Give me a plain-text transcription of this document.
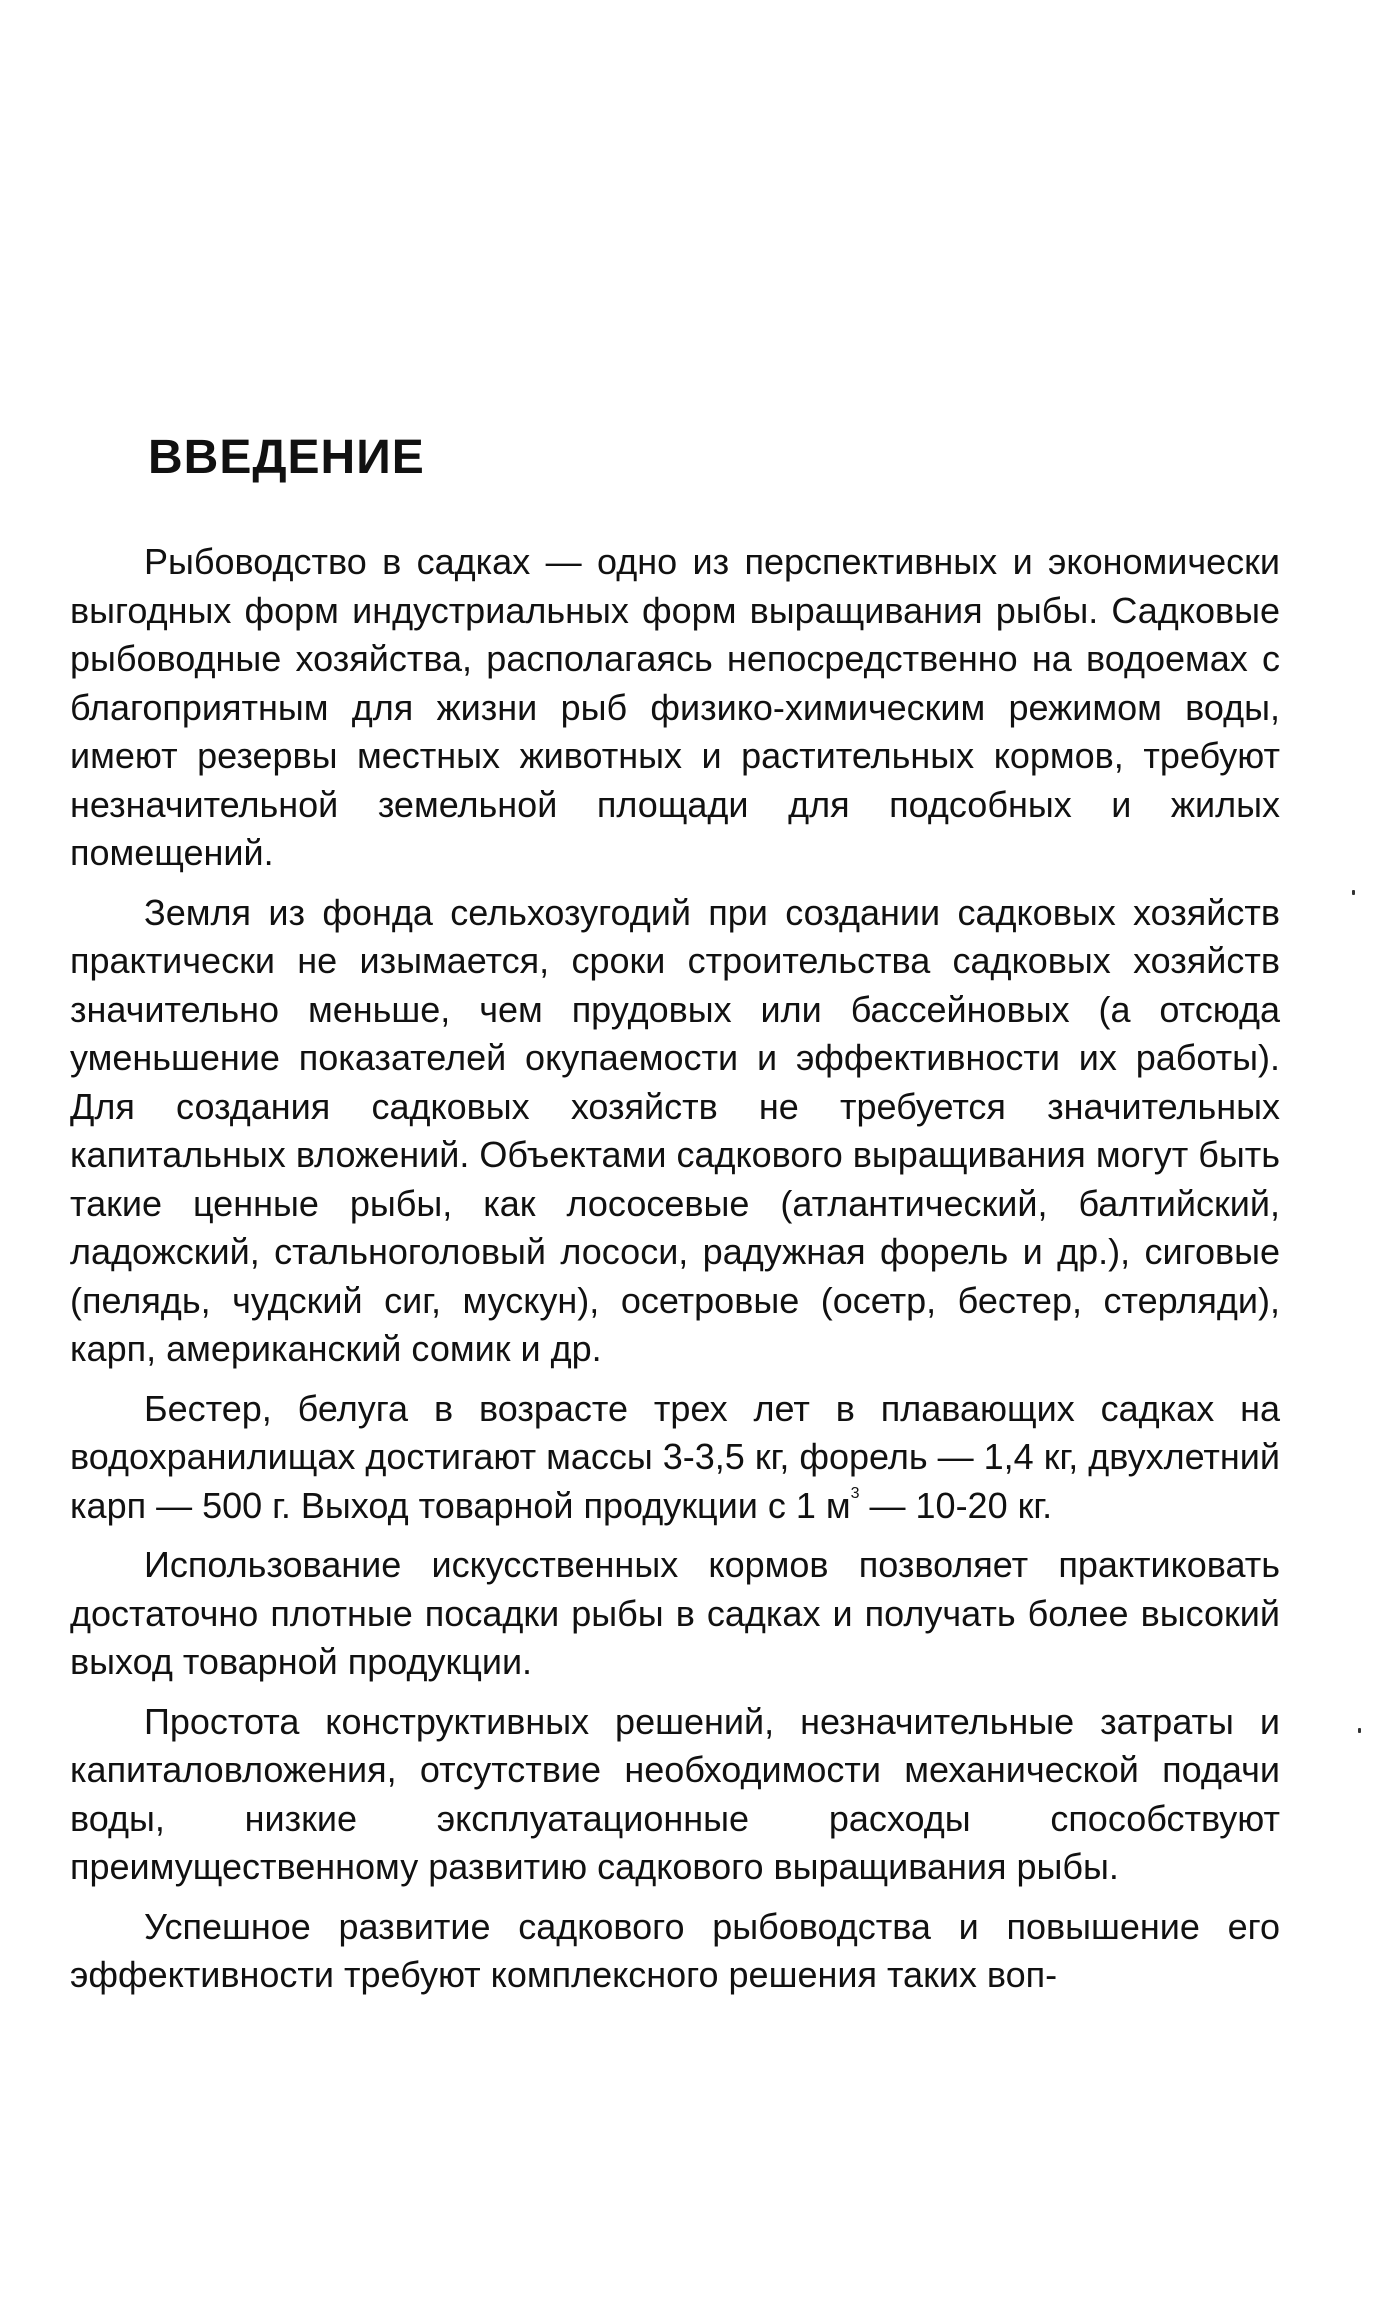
ВВЕДЕНИЕ

Рыбоводство в садках — одно из перспективных и экономически выгодных форм индустриальных форм выращивания рыбы. Садковые рыбоводные хозяйства, располагаясь непосредственно на водоемах с благоприятным для жизни рыб физико-химическим режимом воды, имеют резервы местных животных и растительных кормов, требуют незначительной земельной площади для подсобных и жилых помещений.

Земля из фонда сельхозугодий при создании садковых хозяйств практически не изымается, сроки строительства садковых хозяйств значительно меньше, чем прудовых или бассейновых (а отсюда уменьшение показателей окупаемости и эффективности их работы). Для создания садковых хозяйств не требуется значительных капитальных вложений. Объектами садкового выращивания могут быть такие ценные рыбы, как лососевые (атлантический, балтийский, ладожский, стальноголовый лососи, радужная форель и др.), сиговые (пелядь, чудский сиг, мускун), осетровые (осетр, бестер, стерляди), карп, американский сомик и др.

Бестер, белуга в возрасте трех лет в плавающих садках на водохранилищах достигают массы 3-3,5 кг, форель — 1,4 кг, двухлетний карп — 500 г. Выход товарной продукции с 1 $м^3$ — 10-20 кг.

Использование искусственных кормов позволяет практиковать достаточно плотные посадки рыбы в садках и получать более высокий выход товарной продукции.

Простота конструктивных решений, незначительные затраты и капиталовложения, отсутствие необходимости механической подачи воды, низкие эксплуатационные расходы способствуют преимущественному развитию садкового выращивания рыбы.

Успешное развитие садкового рыбоводства и повышение его эффективности требуют комплексного решения таких воп-
